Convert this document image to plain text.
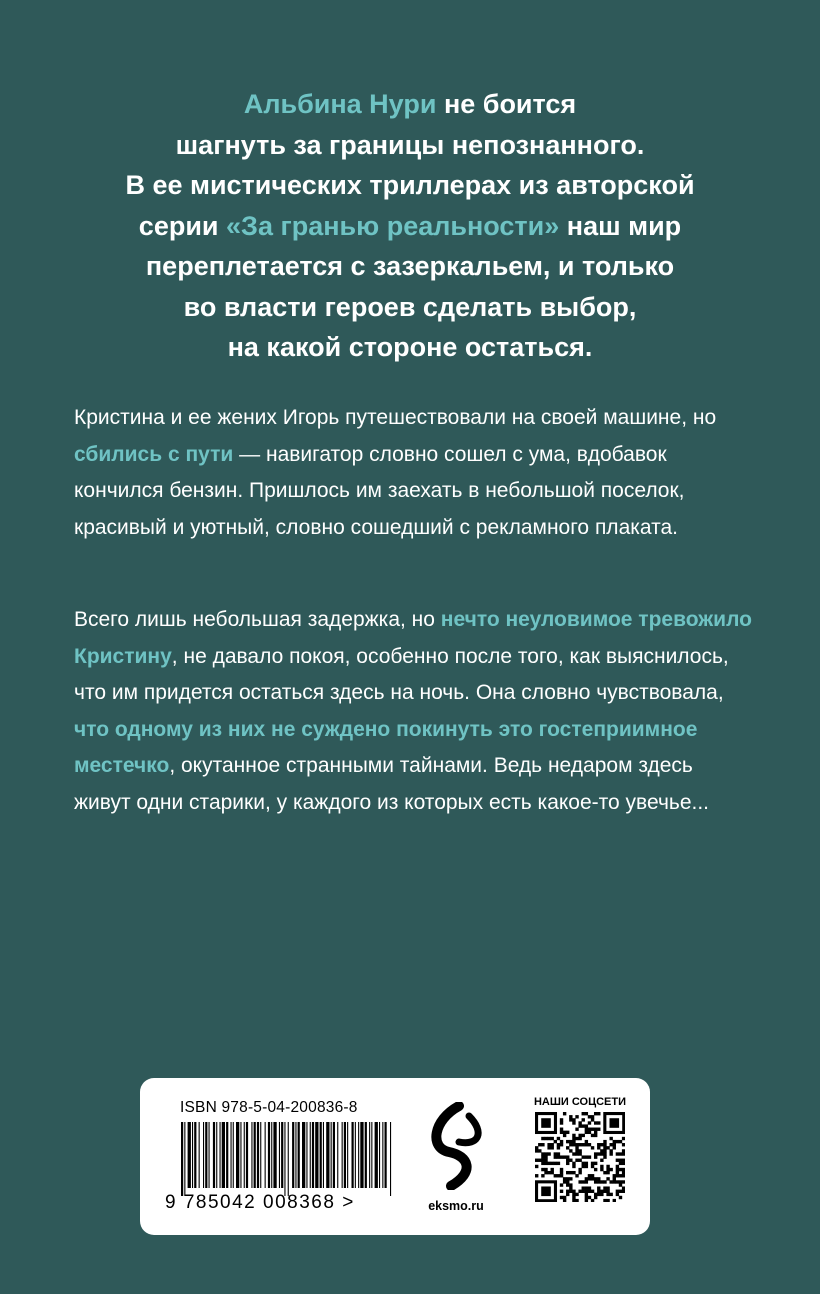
Альбина Нури не боится
шагнуть за границы непознанного.
В ее мистических триллерах из авторской
серии «За гранью реальности» наш мир
переплетается с зазеркальем, и только
во власти героев сделать выбор,
на какой стороне остаться.
Кристина и ее жених Игорь путешествовали на своей машине, но сбились с пути — навигатор словно сошел с ума, вдобавок кончился бензин. Пришлось им заехать в небольшой поселок, красивый и уютный, словно сошедший с рекламного плаката.
Всего лишь небольшая задержка, но нечто неуловимое тревожило Кристину, не давало покоя, особенно после того, как выяснилось, что им придется остаться здесь на ночь. Она словно чувствовала, что одному из них не суждено покинуть это гостеприимное местечко, окутанное странными тайнами. Ведь недаром здесь живут одни старики, у каждого из которых есть какое-то увечье...
ISBN 978-5-04-200836-8
9 785042 008368 >	eksmo.ru
НАШИ СОЦСЕТИ
